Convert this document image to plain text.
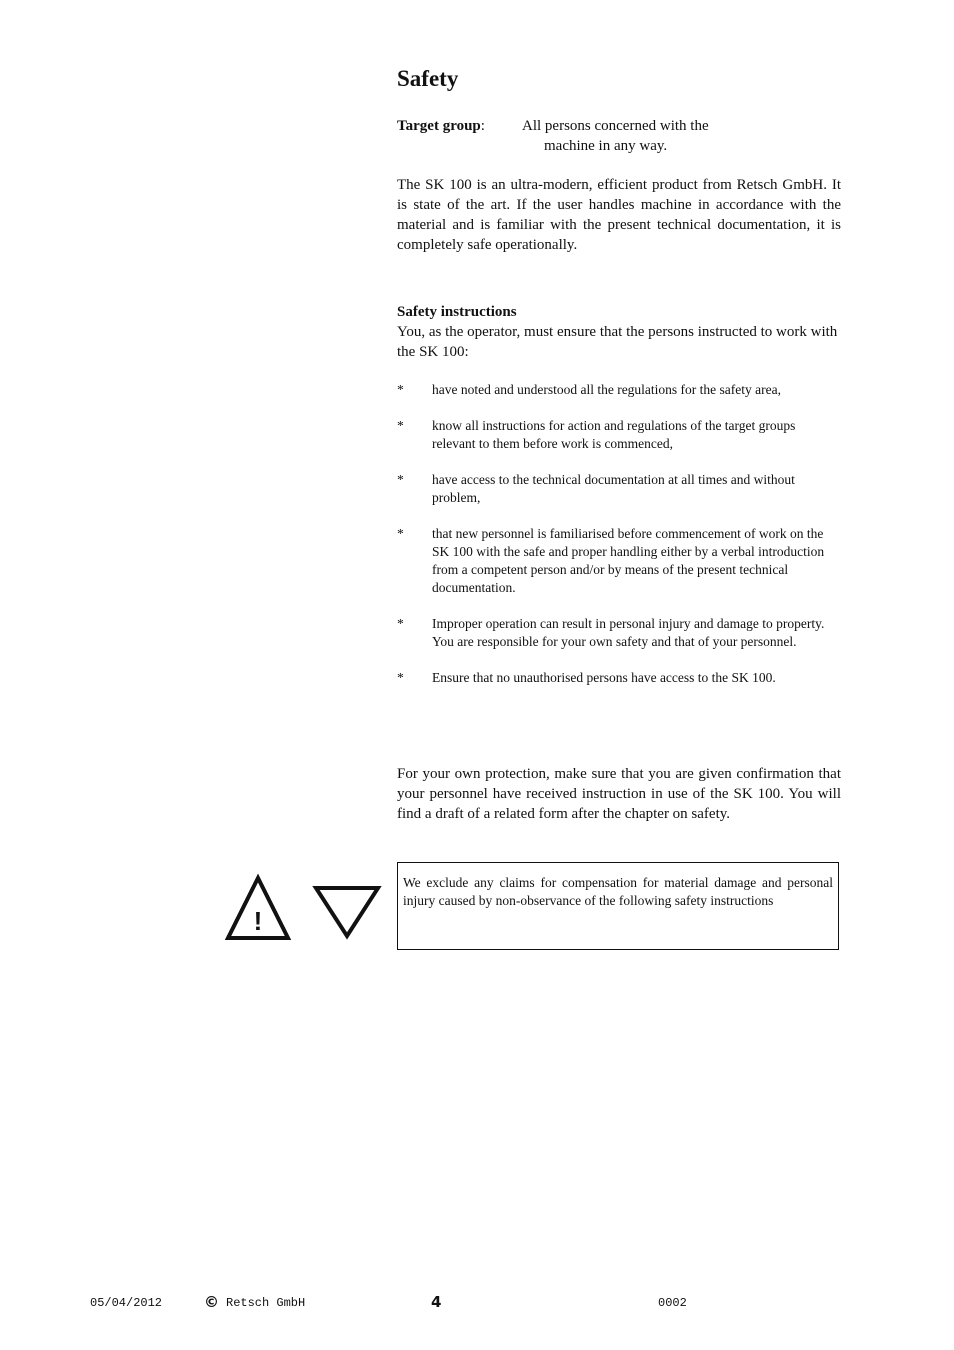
Safety
Target group: All persons concerned with the
machine in any way.

The SK 100 is an ultra-modern, efficient product from Retsch GmbH. It is state of the art. If the user handles machine in accordance with the material and is familiar with the present technical documentation, it is completely safe operationally.

Safety instructions

You, as the operator, must ensure that the persons instructed to work with the SK 100:

* have noted and understood all the regulations for the safety area,
* know all instructions for action and regulations of the target groups relevant to them before work is commenced,
* have access to the technical documentation at all times and without problem,
* that new personnel is familiarised before commencement of work on the SK 100 with the safe and proper handling either by a verbal introduction from a competent person and/or by means of the present technical documentation.
* Improper operation can result in personal injury and damage to property. You are responsible for your own safety and that of your personnel.
* Ensure that no unauthorised persons have access to the SK 100.

For your own protection, make sure that you are given confirmation that your personnel have received instruction in use of the SK 100. You will find a draft of a related form after the chapter on safety.

!
We exclude any claims for compensation for material damage and personal injury caused by non-observance of the following safety instructions
05/04/2012	© Retsch GmbH	4	0002
